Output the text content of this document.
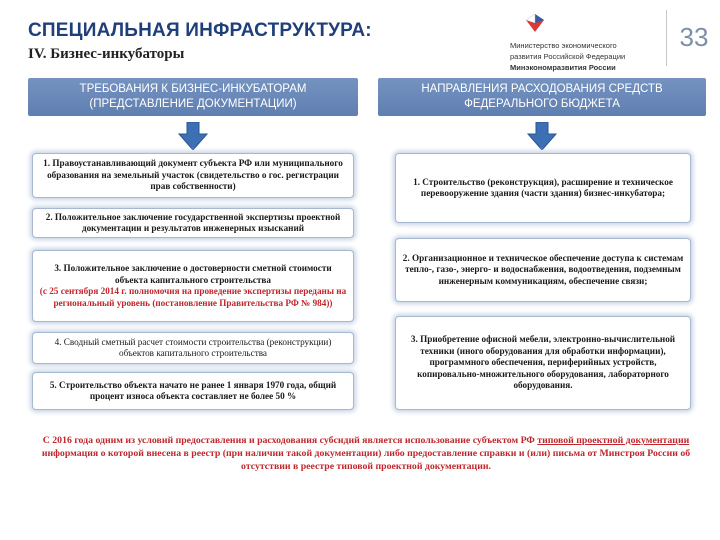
СПЕЦИАЛЬНАЯ ИНФРАСТРУКТУРА:
IV. Бизнес-инкубаторы
Министерство экономического
развития Российской Федерации
Минэкономразвития России
33
ТРЕБОВАНИЯ К БИЗНЕС-ИНКУБАТОРАМ
(ПРЕДСТАВЛЕНИЕ ДОКУМЕНТАЦИИ)
НАПРАВЛЕНИЯ РАСХОДОВАНИЯ СРЕДСТВ
ФЕДЕРАЛЬНОГО БЮДЖЕТА
1. Правоустанавливающий документ субъекта РФ или муниципального образования на земельный участок (свидетельство о гос. регистрации прав собственности)
2. Положительное заключение государственной экспертизы проектной документации и результатов инженерных изысканий
3. Положительное заключение о достоверности сметной стоимости объекта капитального строительства
(с 25 сентября 2014 г. полномочия на проведение экспертизы переданы на региональный уровень (постановление Правительства РФ № 984))
4. Сводный сметный расчет стоимости строительства (реконструкции) объектов капитального строительства
5. Строительство объекта начато не ранее 1 января 1970 года, общий процент износа объекта составляет не более 50 %
1. Строительство (реконструкция), расширение и техническое перевооружение здания (части здания) бизнес-инкубатора;
2. Организационное и техническое обеспечение доступа к системам тепло-, газо-, энерго- и водоснабжения, водоотведения, подземным инженерным коммуникациям, обеспечение связи;
3. Приобретение офисной мебели, электронно-вычислительной техники (иного оборудования для обработки информации), программного обеспечения, периферийных устройств, копировально-множительного оборудования, лабораторного оборудования.
С 2016 года одним из условий предоставления и расходования субсидий является использование субъектом РФ типовой проектной документации информация о которой внесена в реестр (при наличии такой документации) либо предоставление справки и (или) письма от Минстроя России об отсутствии в реестре типовой проектной документации.
